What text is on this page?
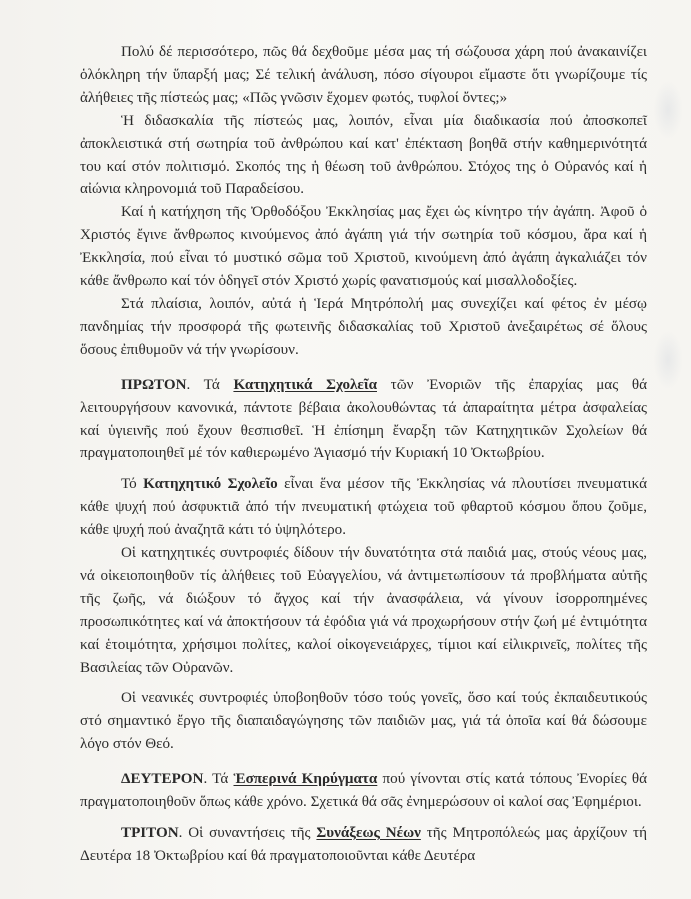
Πολύ δέ περισσότερο, πῶς θά δεχθοῦμε μέσα μας τή σώζουσα χάρη πού ἀνακαινίζει ὁλόκληρη τήν ὕπαρξή μας; Σέ τελική ἀνάλυση, πόσο σίγουροι εἴμαστε ὅτι γνωρίζουμε τίς ἀλήθειες τῆς πίστεώς μας; «Πῶς γνῶσιν ἕχομεν φωτός, τυφλοί ὄντες;»

Ἡ διδασκαλία τῆς πίστεώς μας, λοιπόν, εἶναι μία διαδικασία πού ἀποσκοπεῖ ἀποκλειστικά στή σωτηρία τοῦ ἀνθρώπου καί κατ' ἐπέκταση βοηθᾶ στήν καθημερινότητά του καί στόν πολιτισμό. Σκοπός της ἡ θέωση τοῦ ἀνθρώπου. Στόχος της ὁ Οὐρανός καί ἡ αἰώνια κληρονομιά τοῦ Παραδείσου.

Καί ἡ κατήχηση τῆς Ὀρθοδόξου Ἐκκλησίας μας ἔχει ὡς κίνητρο τήν ἀγάπη. Ἀφοῦ ὁ Χριστός ἔγινε ἄνθρωπος κινούμενος ἀπό ἀγάπη γιά τήν σωτηρία τοῦ κόσμου, ἄρα καί ἡ Ἐκκλησία, πού εἶναι τό μυστικό σῶμα τοῦ Χριστοῦ, κινούμενη ἀπό ἀγάπη ἀγκαλιάζει τόν κάθε ἄνθρωπο καί τόν ὁδηγεῖ στόν Χριστό χωρίς φανατισμούς καί μισαλλοδοξίες.

Στά πλαίσια, λοιπόν, αὐτά ἡ Ἱερά Μητρόπολή μας συνεχίζει καί φέτος ἐν μέσῳ πανδημίας τήν προσφορά τῆς φωτεινῆς διδασκαλίας τοῦ Χριστοῦ ἀνεξαιρέτως σέ ὅλους ὅσους ἐπιθυμοῦν νά τήν γνωρίσουν.

ΠΡΩΤΟΝ. Τά Κατηχητικά Σχολεῖα τῶν Ἐνοριῶν τῆς ἐπαρχίας μας θά λειτουργήσουν κανονικά, πάντοτε βέβαια ἀκολουθώντας τά ἀπαραίτητα μέτρα ἀσφαλείας καί ὑγιεινῆς πού ἔχουν θεσπισθεῖ. Ἡ ἐπίσημη ἔναρξη τῶν Κατηχητικῶν Σχολείων θά πραγματοποιηθεῖ μέ τόν καθιερωμένο Ἁγιασμό τήν Κυριακή 10 Ὀκτωβρίου.

Τό Κατηχητικό Σχολεῖο εἶναι ἕνα μέσον τῆς Ἐκκλησίας νά πλουτίσει πνευματικά κάθε ψυχή πού ἀσφυκτιᾶ ἀπό τήν πνευματική φτώχεια τοῦ φθαρτοῦ κόσμου ὅπου ζοῦμε, κάθε ψυχή πού ἀναζητᾶ κάτι τό ὑψηλότερο.

Οἱ κατηχητικές συντροφιές δίδουν τήν δυνατότητα στά παιδιά μας, στούς νέους μας, νά οἰκειοποιηθοῦν τίς ἀλήθειες τοῦ Εὐαγγελίου, νά ἀντιμετωπίσουν τά προβλήματα αὐτῆς τῆς ζωῆς, νά διώξουν τό ἄγχος καί τήν ἀνασφάλεια, νά γίνουν ἰσορροπημένες προσωπικότητες καί νά ἀποκτήσουν τά ἐφόδια γιά νά προχωρήσουν στήν ζωή μέ ἐντιμότητα καί ἑτοιμότητα, χρήσιμοι πολίτες, καλοί οἰκογενειάρχες, τίμιοι καί εἰλικρινεῖς, πολίτες τῆς Βασιλείας τῶν Οὐρανῶν.

Οἱ νεανικές συντροφιές ὑποβοηθοῦν τόσο τούς γονεῖς, ὅσο καί τούς ἐκπαιδευτικούς στό σημαντικό ἔργο τῆς διαπαιδαγώγησης τῶν παιδιῶν μας, γιά τά ὁποῖα καί θά δώσουμε λόγο στόν Θεό.

ΔΕΥΤΕΡΟΝ. Τά Ἑσπερινά Κηρύγματα πού γίνονται στίς κατά τόπους Ἐνορίες θά πραγματοποιηθοῦν ὅπως κάθε χρόνο. Σχετικά θά σᾶς ἐνημερώσουν οἱ καλοί σας Ἐφημέριοι.

ΤΡΙΤΟΝ. Οἱ συναντήσεις τῆς Συνάξεως Νέων τῆς Μητροπόλεώς μας ἀρχίζουν τή Δευτέρα 18 Ὀκτωβρίου καί θά πραγματοποιοῦνται κάθε Δευτέρα
